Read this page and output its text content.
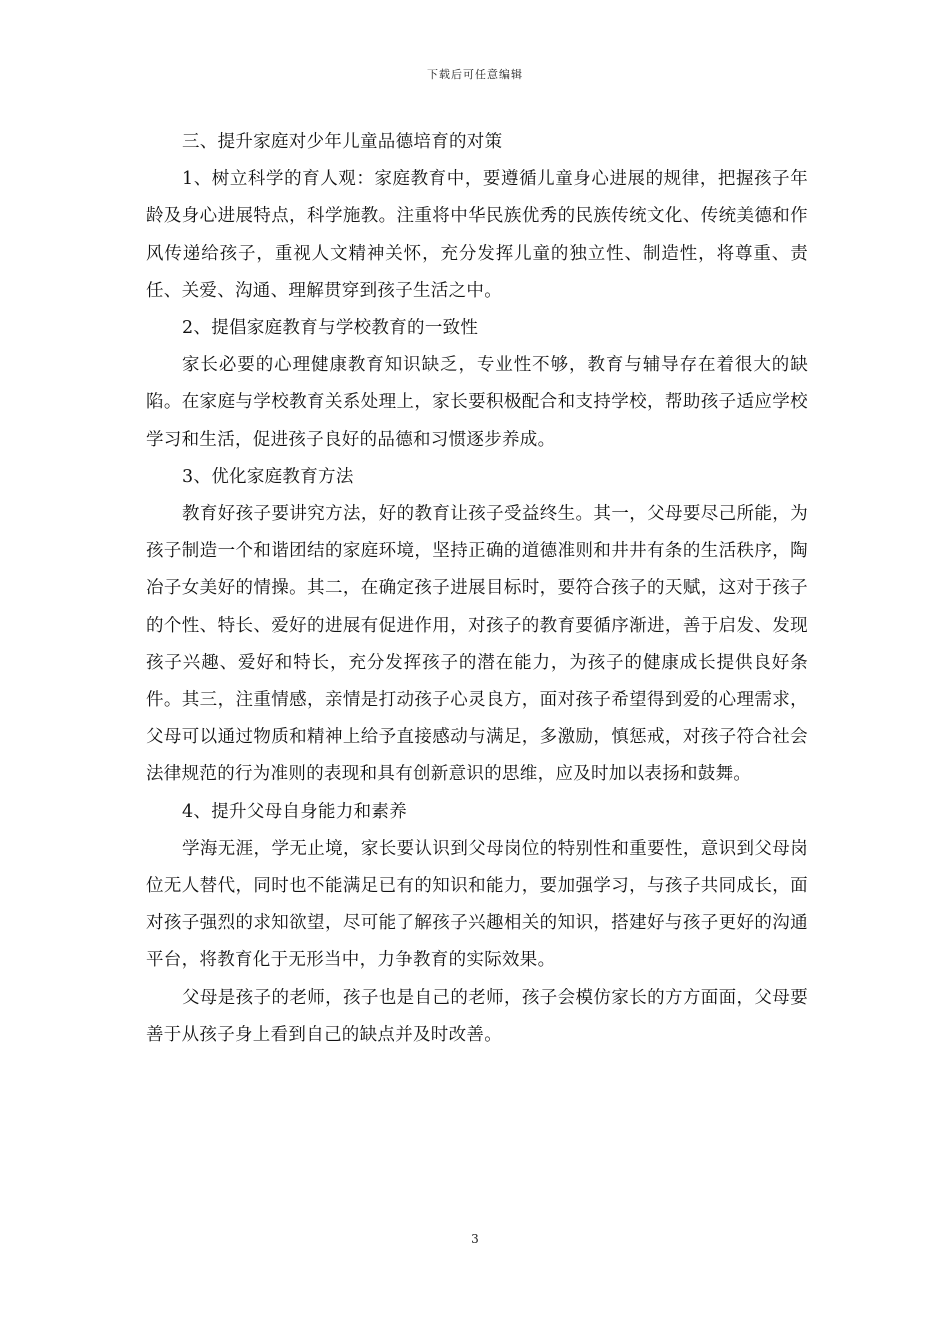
下载后可任意编辑

三、提升家庭对少年儿童品德培育的对策

1、树立科学的育人观：家庭教育中，要遵循儿童身心进展的规律，把握孩子年龄及身心进展特点，科学施教。注重将中华民族优秀的民族传统文化、传统美德和作风传递给孩子，重视人文精神关怀，充分发挥儿童的独立性、制造性，将尊重、责任、关爱、沟通、理解贯穿到孩子生活之中。

2、提倡家庭教育与学校教育的一致性

家长必要的心理健康教育知识缺乏，专业性不够，教育与辅导存在着很大的缺陷。在家庭与学校教育关系处理上，家长要积极配合和支持学校，帮助孩子适应学校学习和生活，促进孩子良好的品德和习惯逐步养成。

3、优化家庭教育方法

教育好孩子要讲究方法，好的教育让孩子受益终生。其一，父母要尽己所能，为孩子制造一个和谐团结的家庭环境，坚持正确的道德准则和井井有条的生活秩序，陶冶子女美好的情操。其二，在确定孩子进展目标时，要符合孩子的天赋，这对于孩子的个性、特长、爱好的进展有促进作用，对孩子的教育要循序渐进，善于启发、发现孩子兴趣、爱好和特长，充分发挥孩子的潜在能力，为孩子的健康成长提供良好条件。其三，注重情感，亲情是打动孩子心灵良方，面对孩子希望得到爱的心理需求，父母可以通过物质和精神上给予直接感动与满足，多激励，慎惩戒，对孩子符合社会法律规范的行为准则的表现和具有创新意识的思维，应及时加以表扬和鼓舞。

4、提升父母自身能力和素养

学海无涯，学无止境，家长要认识到父母岗位的特别性和重要性，意识到父母岗位无人替代，同时也不能满足已有的知识和能力，要加强学习，与孩子共同成长，面对孩子强烈的求知欲望，尽可能了解孩子兴趣相关的知识，搭建好与孩子更好的沟通平台，将教育化于无形当中，力争教育的实际效果。

父母是孩子的老师，孩子也是自己的老师，孩子会模仿家长的方方面面，父母要善于从孩子身上看到自己的缺点并及时改善。

3
